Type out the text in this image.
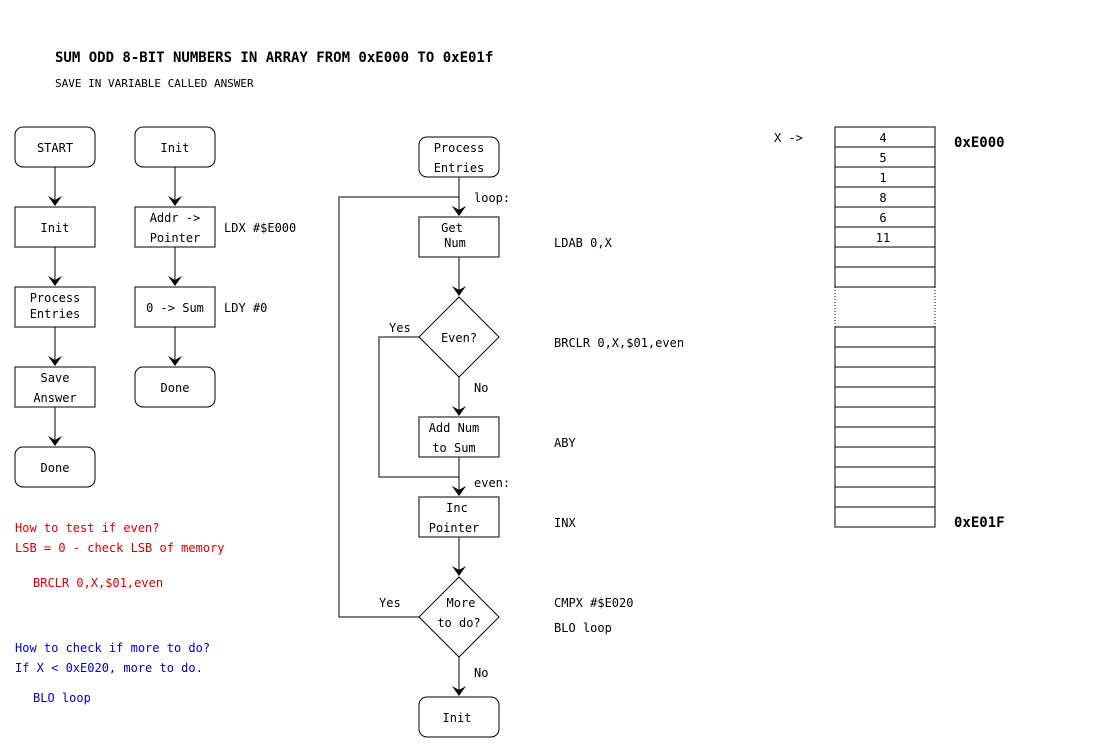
SUM ODD 8-BIT NUMBERS IN ARRAY FROM 0xE000 TO 0xE01f
SAVE IN VARIABLE CALLED ANSWER
START
Init
Process
Entries
Save
Answer
Done
Init
Addr ->
Pointer
LDX #$E000
0 -> Sum LDY #0
Done
Process
Entries
loop:
Get
Num	LDAB 0,X
Even?
Yes
No
BRCLR 0,X,$01,even
Add Num
to Sum	ABY
even:
Inc
Pointer	INX
More
to do?
Yes
No
CMPX #$E020
BLO loop
Init
X ->	0xE000
0xE01F
4
5
1
8
6
11
How to test if even?
LSB = 0 - check LSB of memory
BRCLR 0,X,$01,even
How to check if more to do?
If X < 0xE020, more to do.
BLO loop
